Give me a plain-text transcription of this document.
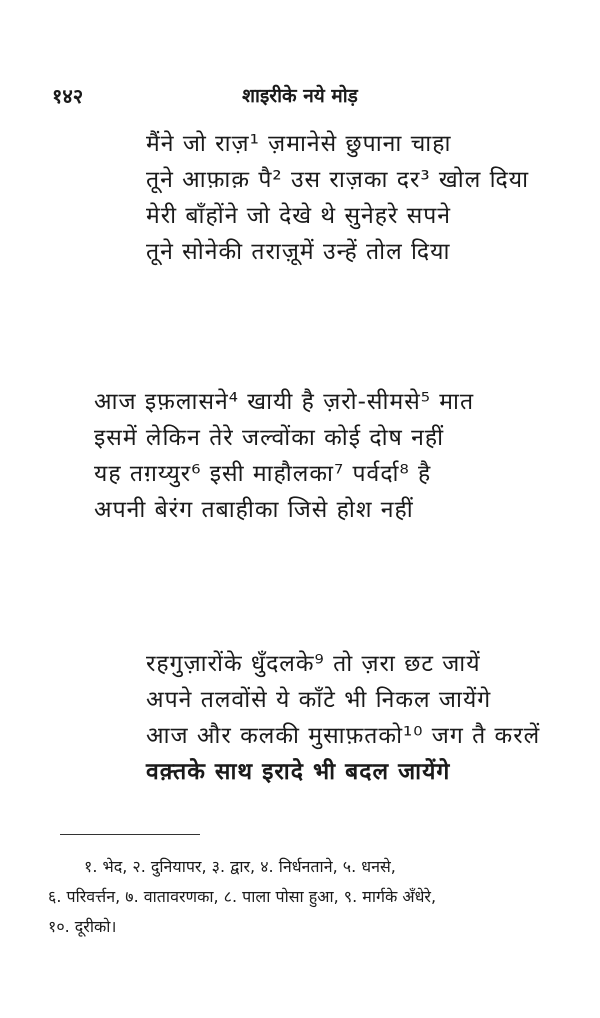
१४२	शाइरीके नये मोड़
मैंने जो राज़¹ ज़मानेसे छुपाना चाहा
तूने आफ़ाक़ पै² उस राज़का दर³ खोल दिया
मेरी बाँहोंने जो देखे थे सुनेहरे सपने
तूने सोनेकी तराज़ूमें उन्हें तोल दिया
आज इफ़लासने⁴ खायी है ज़रो-सीमसे⁵ मात
इसमें लेकिन तेरे जल्वोंका कोई दोष नहीं
यह तग़य्युर⁶ इसी माहौलका⁷ पर्वर्दा⁸ है
अपनी बेरंग तबाहीका जिसे होश नहीं
रहगुज़ारोंके धुँदलके⁹ तो ज़रा छट जायें
अपने तलवोंसे ये काँटे भी निकल जायेंगे
आज और कलकी मुसाफ़तको¹⁰ जग तै करलें
वक़्तके साथ इरादे भी बदल जायेंगे
१. भेद, २. दुनियापर, ३. द्वार, ४. निर्धनताने, ५. धनसे,
६. परिवर्त्तन, ७. वातावरणका, ८. पाला पोसा हुआ, ९. मार्गके अँधेरे,
१०. दूरीको।
